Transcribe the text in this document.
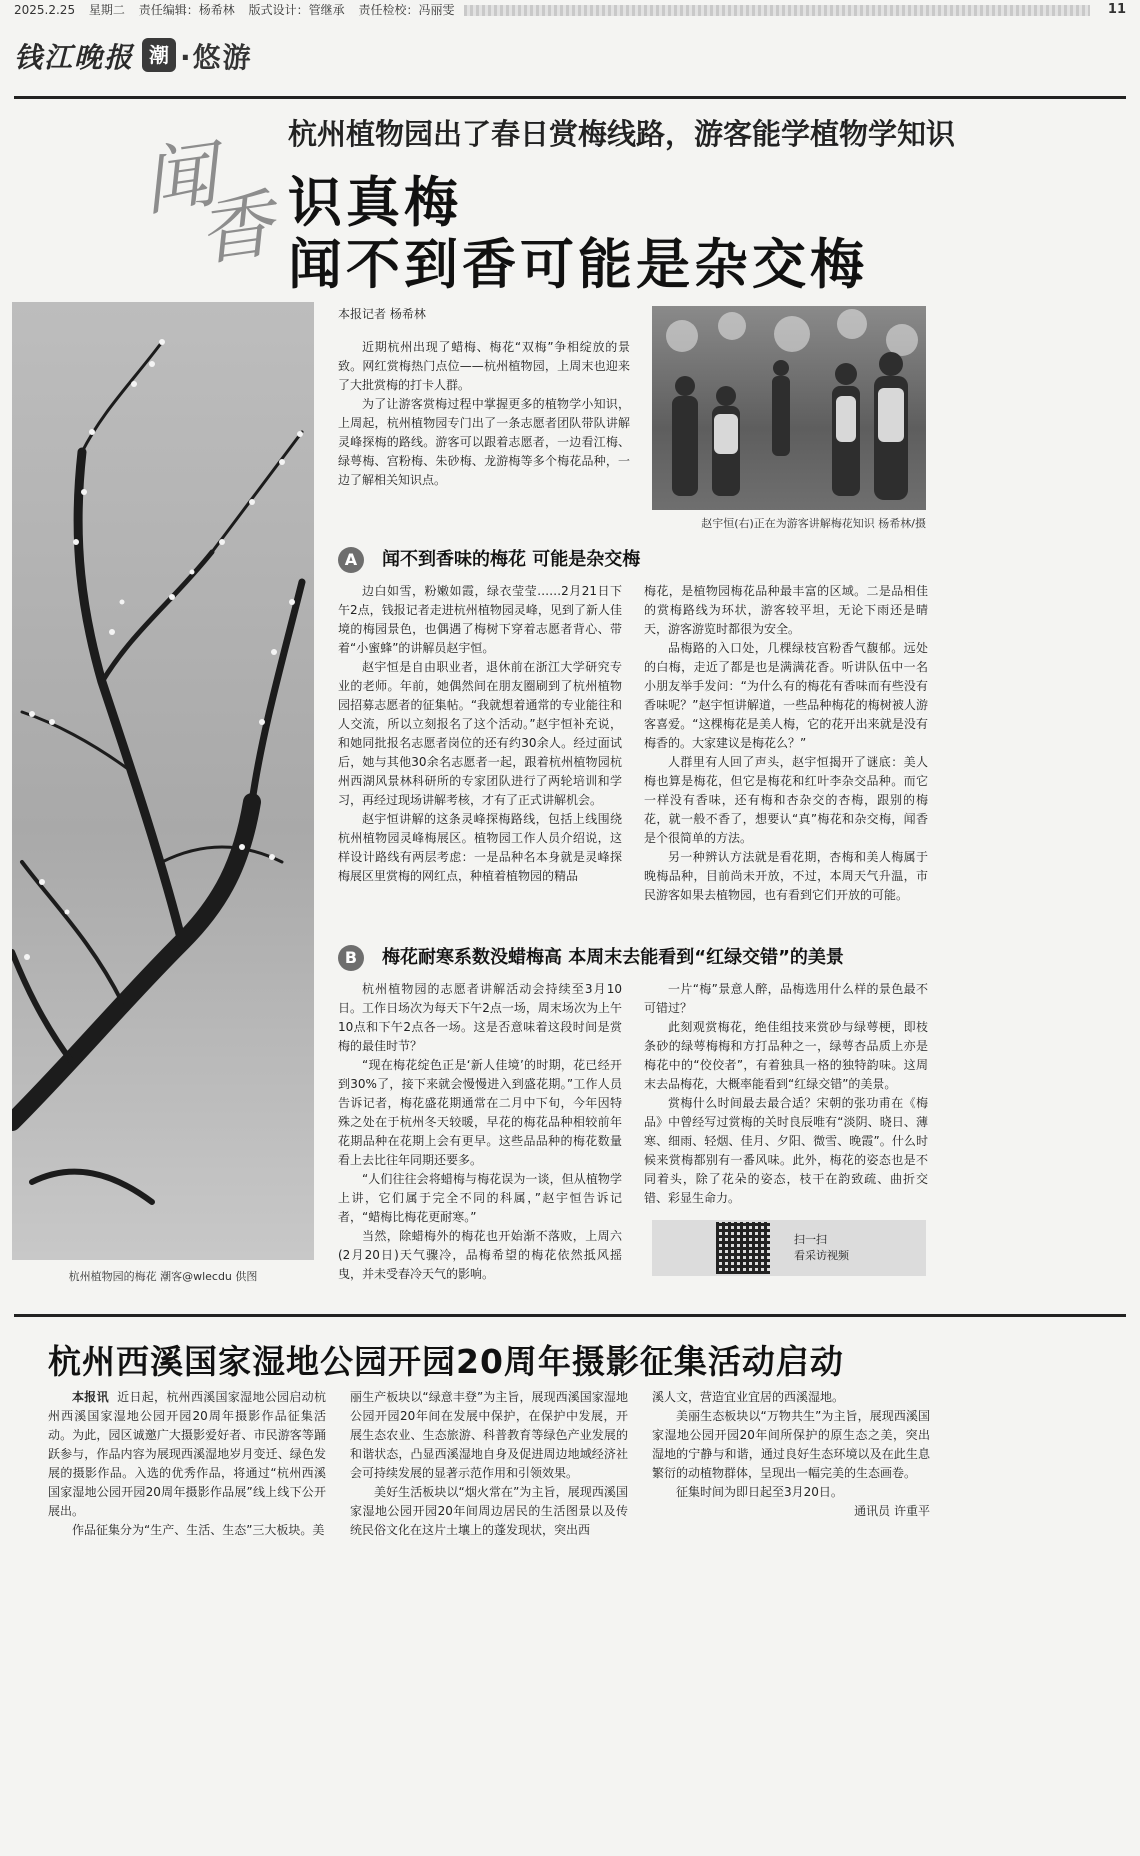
2025.2.25 星期二 责任编辑：杨希林 版式设计：管继承 责任检校：冯丽雯	11
钱江晚报 潮 ·悠游
闻
香
杭州植物园出了春日赏梅线路，游客能学植物学知识
识真梅
闻不到香可能是杂交梅
杭州植物园的梅花 潮客@wlecdu 供图
本报记者 杨希林

近期杭州出现了蜡梅、梅花“双梅”争相绽放的景致。网红赏梅热门点位——杭州植物园，上周末也迎来了大批赏梅的打卡人群。

为了让游客赏梅过程中掌握更多的植物学小知识，上周起，杭州植物园专门出了一条志愿者团队带队讲解灵峰探梅的路线。游客可以跟着志愿者，一边看江梅、绿萼梅、宫粉梅、朱砂梅、龙游梅等多个梅花品种，一边了解相关知识点。

赵宇恒(右)正在为游客讲解梅花知识 杨希林/摄
A 闻不到香味的梅花 可能是杂交梅

边白如雪，粉嫩如霞，绿衣莹莹……2月21日下午2点，钱报记者走进杭州植物园灵峰，见到了新人佳境的梅园景色，也偶遇了梅树下穿着志愿者背心、带着“小蜜蜂”的讲解员赵宇恒。

赵宇恒是自由职业者，退休前在浙江大学研究专业的老师。年前，她偶然间在朋友圈刷到了杭州植物园招募志愿者的征集帖。“我就想着通常的专业能往和人交流，所以立刻报名了这个活动。”赵宇恒补充说，和她同批报名志愿者岗位的还有约30余人。经过面试后，她与其他30余名志愿者一起，跟着杭州植物园杭州西湖风景林科研所的专家团队进行了两轮培训和学习，再经过现场讲解考核，才有了正式讲解机会。

赵宇恒讲解的这条灵峰探梅路线，包括上线围绕杭州植物园灵峰梅展区。植物园工作人员介绍说，这样设计路线有两层考虑：一是品种名本身就是灵峰探梅展区里赏梅的网红点，种植着植物园的精品

梅花，是植物园梅花品种最丰富的区域。二是品相佳的赏梅路线为环状，游客较平坦，无论下雨还是晴天，游客游览时都很为安全。

品梅路的入口处，几棵绿枝宫粉香气馥郁。远处的白梅，走近了都是也是满满花香。听讲队伍中一名小朋友举手发问：“为什么有的梅花有香味而有些没有香味呢？”赵宇恒讲解道，一些品种梅花的梅树被人游客喜爱。“这棵梅花是美人梅，它的花开出来就是没有梅香的。大家建议是梅花么？”

人群里有人回了声头，赵宇恒揭开了谜底：美人梅也算是梅花，但它是梅花和红叶李杂交品种。而它一样没有香味，还有梅和杏杂交的杏梅，跟别的梅花，就一般不香了，想要认“真”梅花和杂交梅，闻香是个很简单的方法。

另一种辨认方法就是看花期，杏梅和美人梅属于晚梅品种，目前尚未开放，不过，本周天气升温，市民游客如果去植物园，也有看到它们开放的可能。

B 梅花耐寒系数没蜡梅高 本周末去能看到“红绿交错”的美景

杭州植物园的志愿者讲解活动会持续至3月10日。工作日场次为每天下午2点一场，周末场次为上午10点和下午2点各一场。这是否意味着这段时间是赏梅的最佳时节？

“现在梅花绽色正是‘新人佳境’的时期，花已经开到30%了，接下来就会慢慢进入到盛花期。”工作人员告诉记者，梅花盛花期通常在二月中下旬，今年因特殊之处在于杭州冬天较暖，早花的梅花品种相较前年花期品种在花期上会有更早。这些品品种的梅花数量看上去比往年同期还要多。

“人们往往会将蜡梅与梅花误为一谈，但从植物学上讲，它们属于完全不同的科属，”赵宇恒告诉记者，“蜡梅比梅花更耐寒。”

当然，除蜡梅外的梅花也开始渐不落败，上周六(2月20日)天气骤冷，品梅希望的梅花依然抵风摇曳，并未受春冷天气的影响。

一片“梅”景意人醉，品梅选用什么样的景色最不可错过？

此刻观赏梅花，绝佳组技来赏砂与绿萼梗，即枝条砂的绿萼梅梅和方打品种之一，绿萼杏品质上亦是梅花中的“佼佼者”，有着独具一格的独特韵味。这周末去品梅花，大概率能看到“红绿交错”的美景。

赏梅什么时间最去最合适？宋朝的张功甫在《梅品》中曾经写过赏梅的关时良辰唯有“淡阴、晓日、薄寒、细雨、轻烟、佳月、夕阳、微雪、晚霞”。什么时候来赏梅都别有一番风味。此外，梅花的姿态也是不同着头，除了花朵的姿态，枝干在韵致疏、曲折交错、彩显生命力。

扫一扫
看采访视频
杭州西溪国家湿地公园开园20周年摄影征集活动启动

本报讯 近日起，杭州西溪国家湿地公园启动杭州西溪国家湿地公园开园20周年摄影作品征集活动。为此，园区诚邀广大摄影爱好者、市民游客等踊跃参与，作品内容为展现西溪湿地岁月变迁、绿色发展的摄影作品。入选的优秀作品，将通过“杭州西溪国家湿地公园开园20周年摄影作品展”线上线下公开展出。

作品征集分为“生产、生活、生态”三大板块。美

丽生产板块以“绿意丰登”为主旨，展现西溪国家湿地公园开园20年间在发展中保护，在保护中发展，开展生态农业、生态旅游、科普教育等绿色产业发展的和谐状态，凸显西溪湿地自身及促进周边地域经济社会可持续发展的显著示范作用和引领效果。

美好生活板块以“烟火常在”为主旨，展现西溪国家湿地公园开园20年间周边居民的生活图景以及传统民俗文化在这片土壤上的蓬发现状，突出西

溪人文，营造宜业宜居的西溪湿地。

美丽生态板块以“万物共生”为主旨，展现西溪国家湿地公园开园20年间所保护的原生态之美，突出湿地的宁静与和谐，通过良好生态环境以及在此生息繁衍的动植物群体，呈现出一幅完美的生态画卷。

征集时间为即日起至3月20日。

通讯员 许重平
